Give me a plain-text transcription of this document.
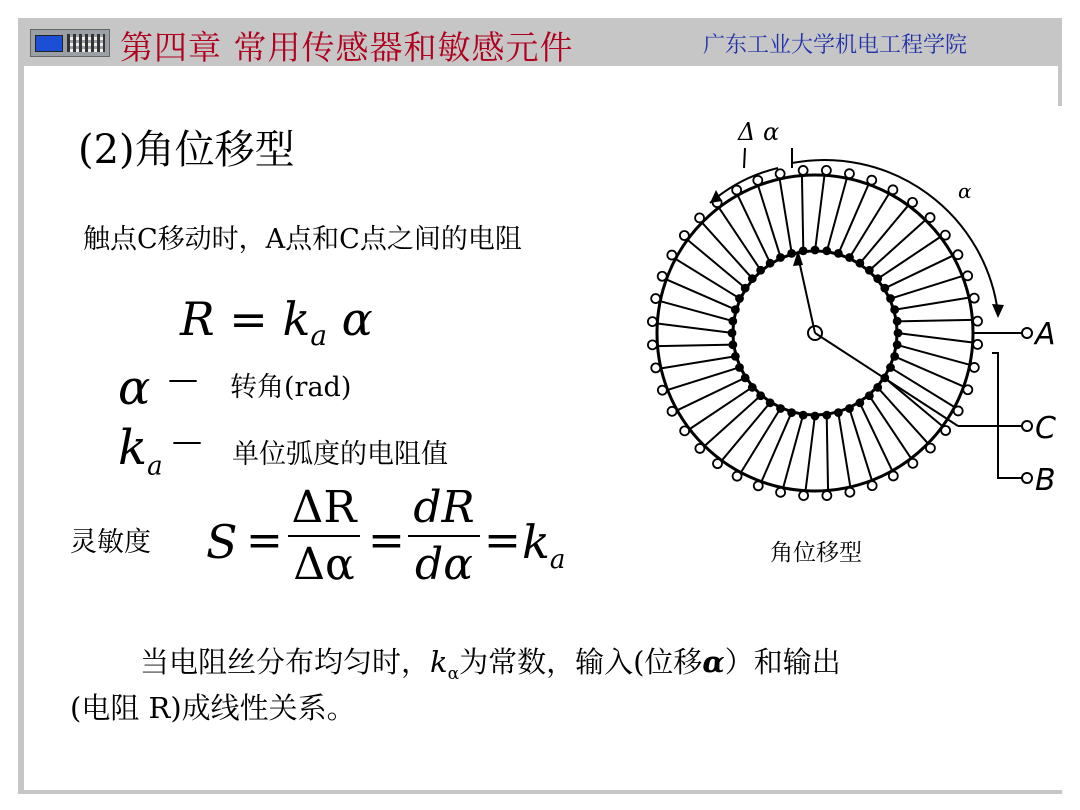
第四章 常用传感器和敏感元件	广东工业大学机电工程学院
(2)角位移型
触点C移动时，A点和C点之间的电阻
$R = k_a$ α
α — 转角(rad)
$k_a$
— 单位弧度的电阻值
灵敏度 S =
ΔR
Δα =
dR
$d\alpha = k_a$
Δ α
α
A
C
B
角位移型
当电阻丝分布均匀时，$k_\alpha$为常数，输入(位移α）和输出
(电阻 R)成线性关系。
